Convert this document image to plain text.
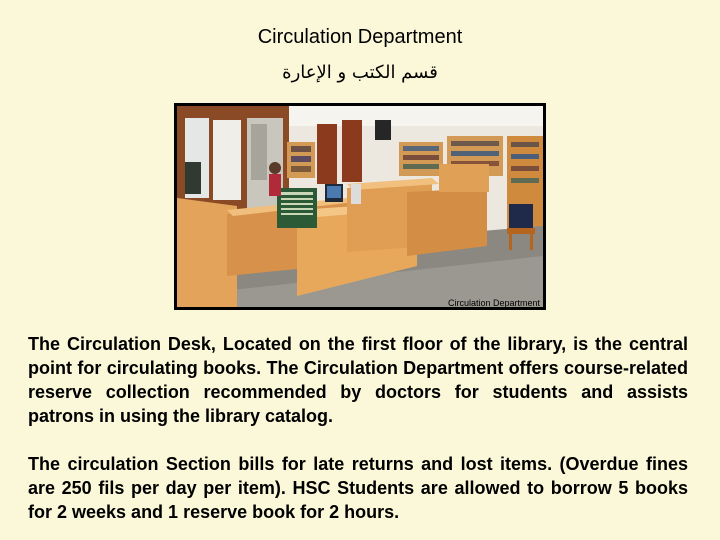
Circulation Department
قسم الكتب و الإعارة
Circulation Department

The Circulation Desk, Located on the first floor of the library, is the central point for circulating books. The Circulation Department offers course-related reserve collection recommended by doctors for students and assists patrons in using the library catalog.

The circulation Section bills for late returns and lost items. (Overdue fines are 250 fils per day per item). HSC Students are allowed to borrow 5 books for 2 weeks and 1 reserve book for 2 hours.
